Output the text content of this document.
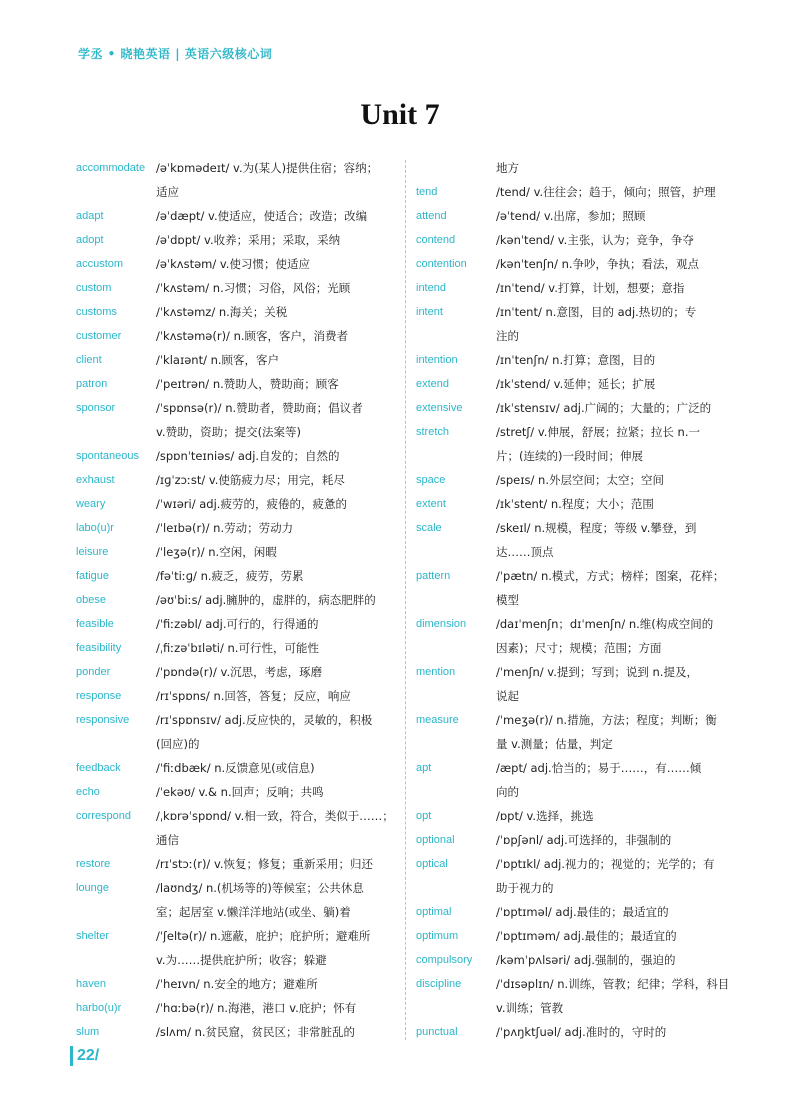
学丞 • 晓艳英语 | 英语六级核心词
Unit 7
accommodate /əˈkɒmədeɪt/ v.为(某人)提供住宿；容纳；
适应
adapt	/əˈdæpt/ v.使适应，使适合；改造；改编
adopt	/əˈdɒpt/ v.收养；采用；采取，采纳
accustom	/əˈkʌstəm/ v.使习惯；使适应
custom	/ˈkʌstəm/ n.习惯；习俗，风俗；光顾
customs	/ˈkʌstəmz/ n.海关；关税
customer	/ˈkʌstəmə(r)/ n.顾客，客户，消费者
client	/ˈklaɪənt/ n.顾客，客户
patron	/ˈpeɪtrən/ n.赞助人，赞助商；顾客
sponsor	/ˈspɒnsə(r)/ n.赞助者，赞助商；倡议者
v.赞助，资助；提交(法案等)
spontaneous	/spɒnˈteɪniəs/ adj.自发的；自然的
exhaust	/ɪɡˈzɔːst/ v.使筋疲力尽；用完，耗尽
weary	/ˈwɪəri/ adj.疲劳的，疲倦的，疲惫的
labo(u)r	/ˈleɪbə(r)/ n.劳动；劳动力
leisure	/ˈleʒə(r)/ n.空闲，闲暇
fatigue	/fəˈtiːɡ/ n.疲乏，疲劳，劳累
obese	/əʊˈbiːs/ adj.臃肿的，虚胖的，病态肥胖的
feasible	/ˈfiːzəbl/ adj.可行的，行得通的
feasibility	/ˌfiːzəˈbɪləti/ n.可行性，可能性
ponder	/ˈpɒndə(r)/ v.沉思，考虑，琢磨
response	/rɪˈspɒns/ n.回答，答复；反应，响应
responsive	/rɪˈspɒnsɪv/ adj.反应快的，灵敏的，积极
(回应)的
feedback	/ˈfiːdbæk/ n.反馈意见(或信息)
echo	/ˈekəʊ/ v.& n.回声；反响；共鸣
correspond	/ˌkɒrəˈspɒnd/ v.相一致，符合，类似于……；
通信
restore	/rɪˈstɔː(r)/ v.恢复；修复；重新采用；归还
lounge	/laʊndʒ/ n.(机场等的)等候室；公共休息
室；起居室 v.懒洋洋地站(或坐、躺)着
shelter	/ˈʃeltə(r)/ n.遮蔽，庇护；庇护所；避难所
v.为……提供庇护所；收容；躲避
haven	/ˈheɪvn/ n.安全的地方；避难所
harbo(u)r	/ˈhɑːbə(r)/ n.海港，港口 v.庇护；怀有
slum	/slʌm/ n.贫民窟，贫民区；非常脏乱的
地方
tend	/tend/ v.往往会；趋于，倾向；照管，护理
attend	/əˈtend/ v.出席，参加；照顾
contend	/kənˈtend/ v.主张，认为；竞争，争夺
contention	/kənˈtenʃn/ n.争吵，争执；看法，观点
intend	/ɪnˈtend/ v.打算，计划，想要；意指
intent	/ɪnˈtent/ n.意图，目的 adj.热切的；专
注的
intention	/ɪnˈtenʃn/ n.打算；意图，目的
extend	/ɪkˈstend/ v.延伸；延长；扩展
extensive	/ɪkˈstensɪv/ adj.广阔的；大量的；广泛的
stretch	/stretʃ/ v.伸展，舒展；拉紧；拉长 n.一
片；(连续的)一段时间；伸展
space	/speɪs/ n.外层空间；太空；空间
extent	/ɪkˈstent/ n.程度；大小；范围
scale	/skeɪl/ n.规模，程度；等级 v.攀登，到
达……顶点
pattern	/ˈpætn/ n.模式，方式；榜样；图案，花样；
模型
dimension	/daɪˈmenʃn；dɪˈmenʃn/ n.维(构成空间的
因素)；尺寸；规模；范围；方面
mention	/ˈmenʃn/ v.提到；写到；说到 n.提及，
说起
measure	/ˈmeʒə(r)/ n.措施，方法；程度；判断；衡
量 v.测量；估量，判定
apt	/æpt/ adj.恰当的；易于……，有……倾
向的
opt	/ɒpt/ v.选择，挑选
optional	/ˈɒpʃənl/ adj.可选择的，非强制的
optical	/ˈɒptɪkl/ adj.视力的；视觉的；光学的；有
助于视力的
optimal	/ˈɒptɪməl/ adj.最佳的；最适宜的
optimum	/ˈɒptɪməm/ adj.最佳的；最适宜的
compulsory	/kəmˈpʌlsəri/ adj.强制的，强迫的
discipline	/ˈdɪsəplɪn/ n.训练，管教；纪律；学科，科目
v.训练；管教
punctual	/ˈpʌŋktʃuəl/ adj.准时的，守时的
22/
